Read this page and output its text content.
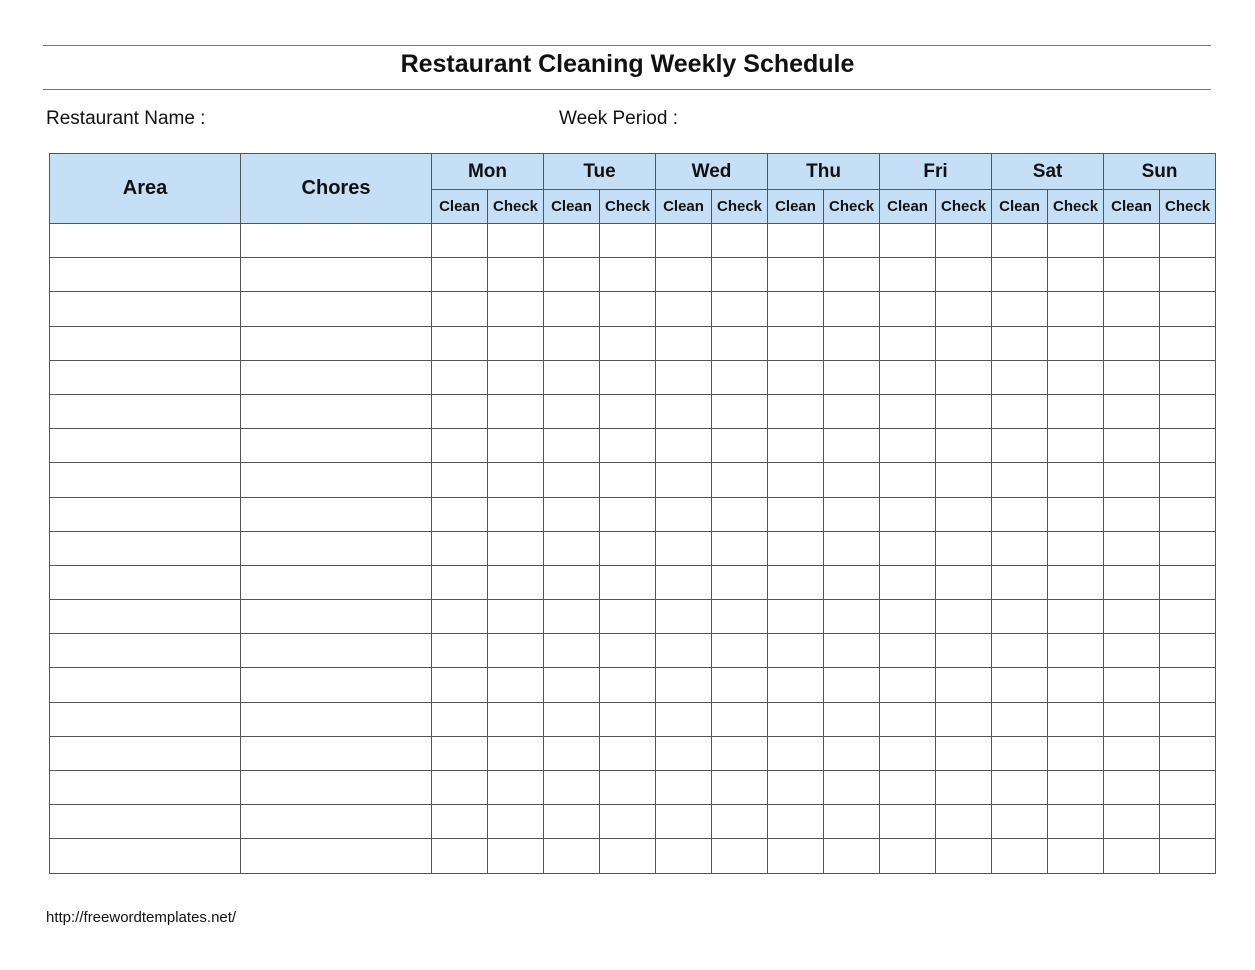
Restaurant Cleaning Weekly Schedule
Restaurant Name :	Week Period :
Area	Chores	Mon		Tue		Wed		Thu		Fri		Sat		Sun	
		Clean	Check	Clean	Check	Clean	Check	Clean	Check	Clean	Check	Clean	Check	Clean	Check

http://freewordtemplates.net/
